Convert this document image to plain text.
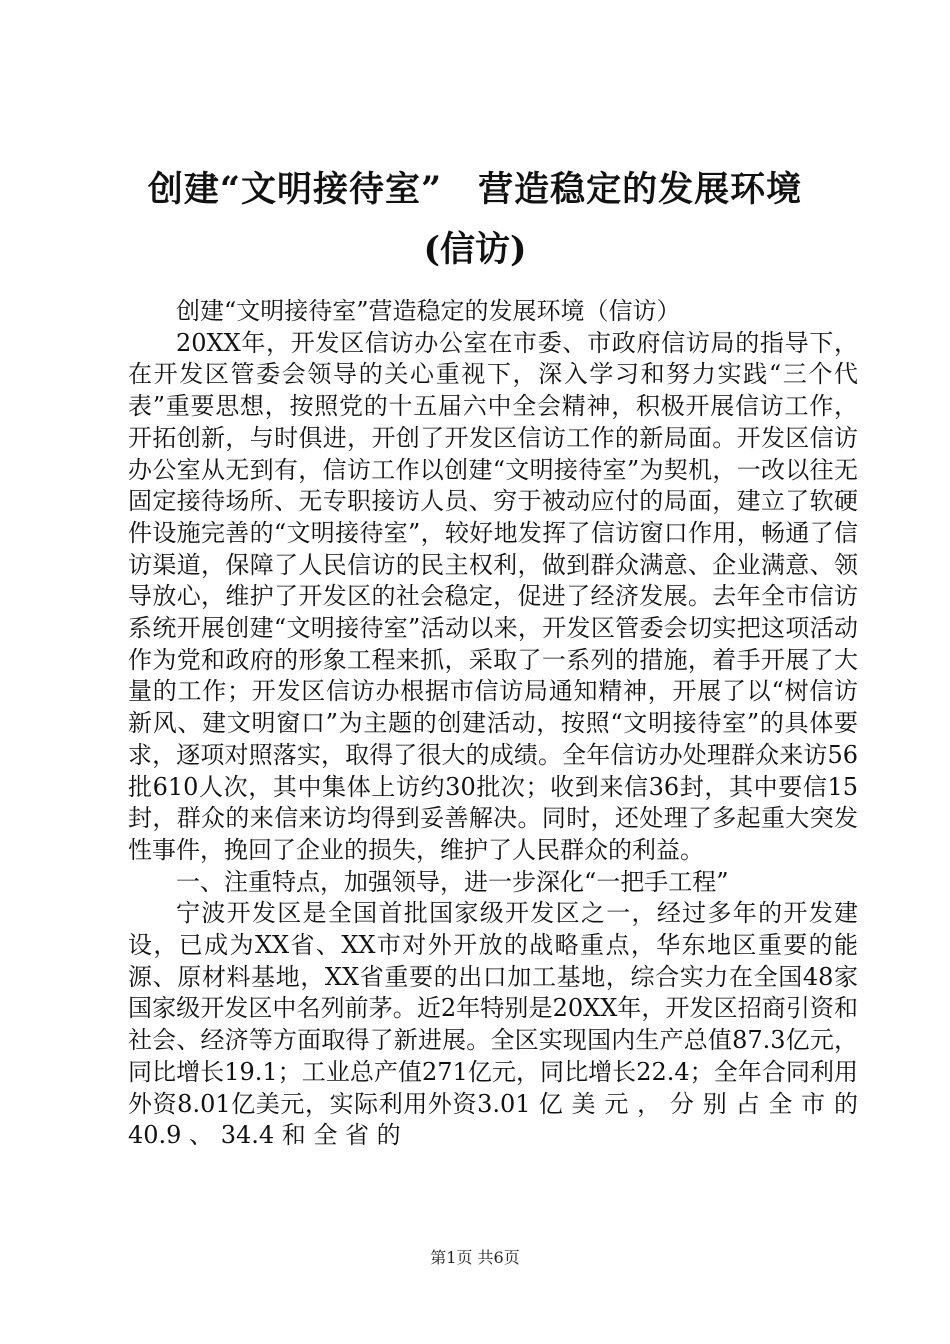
创建“文明接待室”　营造稳定的发展环境
(信访)

创建“文明接待室”营造稳定的发展环境（信访）

20XX年，开发区信访办公室在市委、市政府信访局的指导下，在开发区管委会领导的关心重视下，深入学习和努力实践“三个代表”重要思想，按照党的十五届六中全会精神，积极开展信访工作，开拓创新，与时俱进，开创了开发区信访工作的新局面。开发区信访办公室从无到有，信访工作以创建“文明接待室”为契机，一改以往无固定接待场所、无专职接访人员、穷于被动应付的局面，建立了软硬件设施完善的“文明接待室”，较好地发挥了信访窗口作用，畅通了信访渠道，保障了人民信访的民主权利，做到群众满意、企业满意、领导放心，维护了开发区的社会稳定，促进了经济发展。去年全市信访系统开展创建“文明接待室”活动以来，开发区管委会切实把这项活动作为党和政府的形象工程来抓，采取了一系列的措施，着手开展了大量的工作；开发区信访办根据市信访局通知精神，开展了以“树信访新风、建文明窗口”为主题的创建活动，按照“文明接待室”的具体要求，逐项对照落实，取得了很大的成绩。全年信访办处理群众来访56批610人次，其中集体上访约30批次；收到来信36封，其中要信15封，群众的来信来访均得到妥善解决。同时，还处理了多起重大突发性事件，挽回了企业的损失，维护了人民群众的利益。

一、注重特点，加强领导，进一步深化“一把手工程”

宁波开发区是全国首批国家级开发区之一，经过多年的开发建设，已成为XX省、XX市对外开放的战略重点，华东地区重要的能源、原材料基地，XX省重要的出口加工基地，综合实力在全国48家国家级开发区中名列前茅。近2年特别是20XX年，开发区招商引资和社会、经济等方面取得了新进展。全区实现国内生产总值87.3亿元，同比增长19.1；工业总产值271亿元，同比增长22.4；全年合同利用外资8.01亿美元，实际利用外资3.01 亿 美 元 ， 分 别 占 全 市 的 40.9 、 34.4 和 全 省 的

第1页 共6页
